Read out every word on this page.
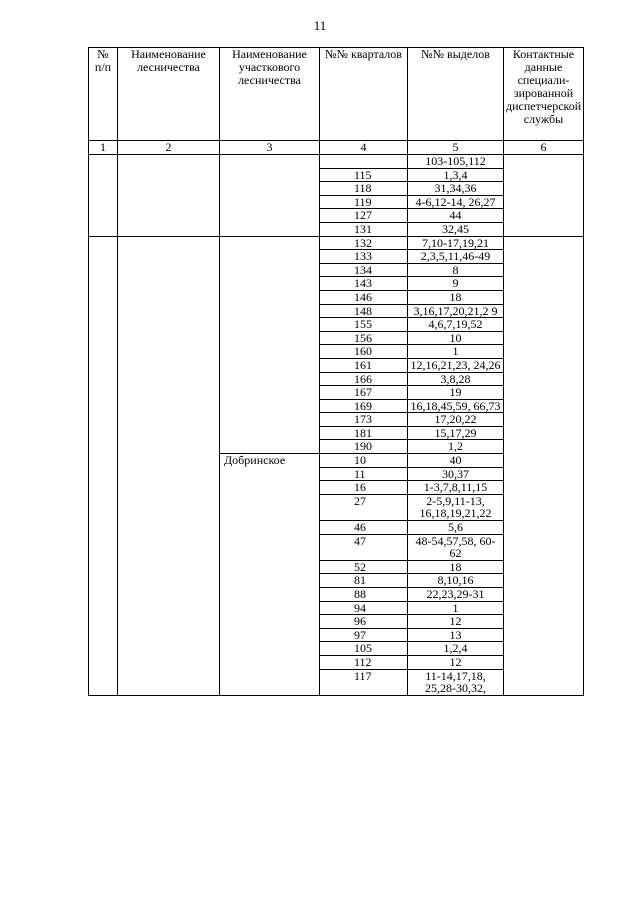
11
№ п/п	Наименование лесничества	Наименование участкового лесничества	№№ кварталов	№№ выделов	Контактные данные специали-зированной диспетчерской службы
1	2	3	4	5	6
				103-105,112	
			115	1,3,4	
			118	31,34,36	
			119	4-6,12-14, 26,27	
			127	44	
			131	32,45	
			132	7,10-17,19,21	
			133	2,3,5,11,46-49	
			134	8	
			143	9	
			146	18	
			148	3,16,17,20,21,2 9	
			155	4,6,7,19,52	
			156	10	
			160	1	
			161	12,16,21,23, 24,26	
			166	3,8,28	
			167	19	
			169	16,18,45,59, 66,73	
			173	17,20,22	
			181	15,17,29	
			190	1,2	
		Добринское	10	40	
			11	30,37	
			16	1-3,7,8,11,15	
			27	2-5,9,11-13, 16,18,19,21,22	
			46	5,6	
			47	48-54,57,58, 60-62	
			52	18	
			81	8,10,16	
			88	22,23,29-31	
			94	1	
			96	12	
			97	13	
			105	1,2,4	
			112	12	
			117	11-14,17,18, 25,28-30,32,	
